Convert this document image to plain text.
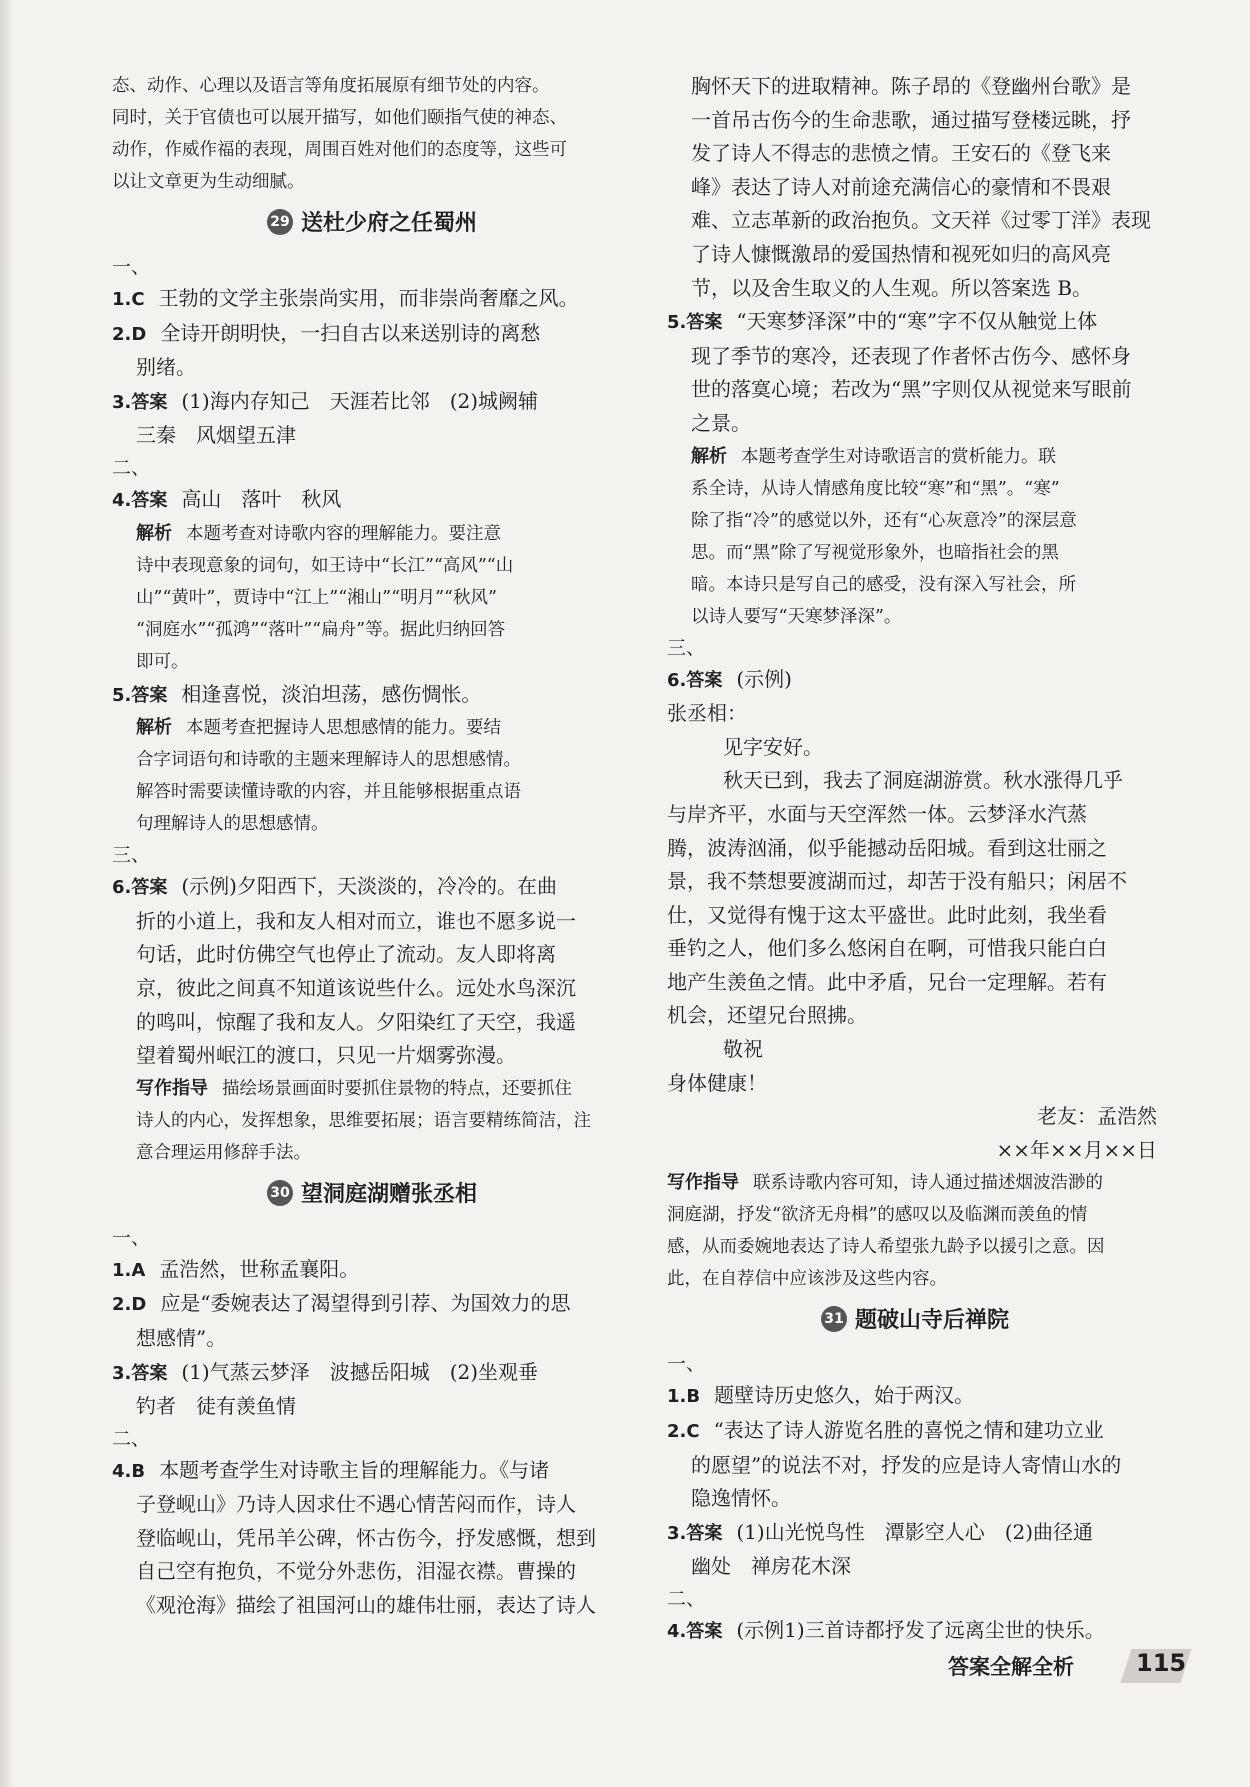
态、动作、心理以及语言等角度拓展原有细节处的内容。
同时，关于官债也可以展开描写，如他们颐指气使的神态、
动作，作威作福的表现，周围百姓对他们的态度等，这些可
以让文章更为生动细腻。
29 送杜少府之任蜀州
一、
1.C 王勃的文学主张崇尚实用，而非崇尚奢靡之风。
2.D 全诗开朗明快，一扫自古以来送别诗的离愁
别绪。
3.答案 (1)海内存知己　天涯若比邻　(2)城阙辅
三秦　风烟望五津
二、
4.答案 高山　落叶　秋风
解析 本题考查对诗歌内容的理解能力。要注意
诗中表现意象的词句，如王诗中“长江”“高风”“山
山”“黄叶”，贾诗中“江上”“湘山”“明月”“秋风”
“洞庭水”“孤鸿”“落叶”“扁舟”等。据此归纳回答
即可。
5.答案 相逢喜悦，淡泊坦荡，感伤惆怅。
解析 本题考查把握诗人思想感情的能力。要结
合字词语句和诗歌的主题来理解诗人的思想感情。
解答时需要读懂诗歌的内容，并且能够根据重点语
句理解诗人的思想感情。
三、
6.答案 (示例)夕阳西下，天淡淡的，冷冷的。在曲
折的小道上，我和友人相对而立，谁也不愿多说一
句话，此时仿佛空气也停止了流动。友人即将离
京，彼此之间真不知道该说些什么。远处水鸟深沉
的鸣叫，惊醒了我和友人。夕阳染红了天空，我遥
望着蜀州岷江的渡口，只见一片烟雾弥漫。
写作指导 描绘场景画面时要抓住景物的特点，还要抓住
诗人的内心，发挥想象，思维要拓展；语言要精练简洁，注
意合理运用修辞手法。
30 望洞庭湖赠张丞相
一、
1.A 孟浩然，世称孟襄阳。
2.D 应是“委婉表达了渴望得到引荐、为国效力的思
想感情”。
3.答案 (1)气蒸云梦泽　波撼岳阳城　(2)坐观垂
钓者　徒有羡鱼情
二、
4.B 本题考查学生对诗歌主旨的理解能力。《与诸
子登岘山》乃诗人因求仕不遇心情苦闷而作，诗人
登临岘山，凭吊羊公碑，怀古伤今，抒发感慨，想到
自己空有抱负，不觉分外悲伤，泪湿衣襟。曹操的
《观沧海》描绘了祖国河山的雄伟壮丽，表达了诗人
胸怀天下的进取精神。陈子昂的《登幽州台歌》是
一首吊古伤今的生命悲歌，通过描写登楼远眺，抒
发了诗人不得志的悲愤之情。王安石的《登飞来
峰》表达了诗人对前途充满信心的豪情和不畏艰
难、立志革新的政治抱负。文天祥《过零丁洋》表现
了诗人慷慨激昂的爱国热情和视死如归的高风亮
节，以及舍生取义的人生观。所以答案选 B。
5.答案 “天寒梦泽深”中的“寒”字不仅从触觉上体
现了季节的寒冷，还表现了作者怀古伤今、感怀身
世的落寞心境；若改为“黑”字则仅从视觉来写眼前
之景。
解析 本题考查学生对诗歌语言的赏析能力。联
系全诗，从诗人情感角度比较“寒”和“黑”。“寒”
除了指“冷”的感觉以外，还有“心灰意冷”的深层意
思。而“黑”除了写视觉形象外，也暗指社会的黑
暗。本诗只是写自己的感受，没有深入写社会，所
以诗人要写“天寒梦泽深”。
三、
6.答案 (示例)
张丞相：
见字安好。
秋天已到，我去了洞庭湖游赏。秋水涨得几乎
与岸齐平，水面与天空浑然一体。云梦泽水汽蒸
腾，波涛汹涌，似乎能撼动岳阳城。看到这壮丽之
景，我不禁想要渡湖而过，却苦于没有船只；闲居不
仕，又觉得有愧于这太平盛世。此时此刻，我坐看
垂钓之人，他们多么悠闲自在啊，可惜我只能白白
地产生羡鱼之情。此中矛盾，兄台一定理解。若有
机会，还望兄台照拂。
敬祝
身体健康！
老友：孟浩然
××年××月××日
写作指导 联系诗歌内容可知，诗人通过描述烟波浩渺的
洞庭湖，抒发“欲济无舟楫”的感叹以及临渊而羡鱼的情
感，从而委婉地表达了诗人希望张九龄予以援引之意。因
此，在自荐信中应该涉及这些内容。
31 题破山寺后禅院
一、
1.B 题壁诗历史悠久，始于两汉。
2.C “表达了诗人游览名胜的喜悦之情和建功立业
的愿望”的说法不对，抒发的应是诗人寄情山水的
隐逸情怀。
3.答案 (1)山光悦鸟性　潭影空人心　(2)曲径通
幽处　禅房花木深
二、
4.答案 (示例1)三首诗都抒发了远离尘世的快乐。
答案全解全析	115
